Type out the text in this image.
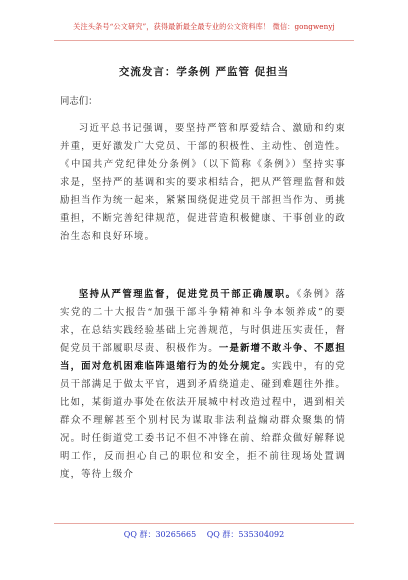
关注头条号“公文研究”，获得最新最全最专业的公文资料库！ 微信：gongwenyj
交流发言：学条例 严监管 促担当
同志们：

习近平总书记强调，要坚持严管和厚爱结合、激励和约束并重，更好激发广大党员、干部的积极性、主动性、创造性。《中国共产党纪律处分条例》（以下简称《条例》）坚持实事求是，坚持严的基调和实的要求相结合，把从严管理监督和鼓励担当作为统一起来，紧紧围绕促进党员干部担当作为、勇挑重担，不断完善纪律规范，促进营造积极健康、干事创业的政治生态和良好环境。

坚持从严管理监督，促进党员干部正确履职。《条例》落实党的二十大报告“加强干部斗争精神和斗争本领养成”的要求，在总结实践经验基础上完善规范，与时俱进压实责任，督促党员干部履职尽责、积极作为。一是新增不敢斗争、不愿担当，面对危机困难临阵退缩行为的处分规定。实践中，有的党员干部满足于做太平官，遇到矛盾绕道走、碰到难题往外推。比如，某街道办事处在依法开展城中村改造过程中，遇到相关群众不理解甚至个别村民为谋取非法利益煽动群众聚集的情况。时任街道党工委书记不但不冲锋在前、给群众做好解释说明工作，反而担心自己的职位和安全，拒不前往现场处置调度，等待上级介

QQ 群：30265665 QQ 群：535304092
